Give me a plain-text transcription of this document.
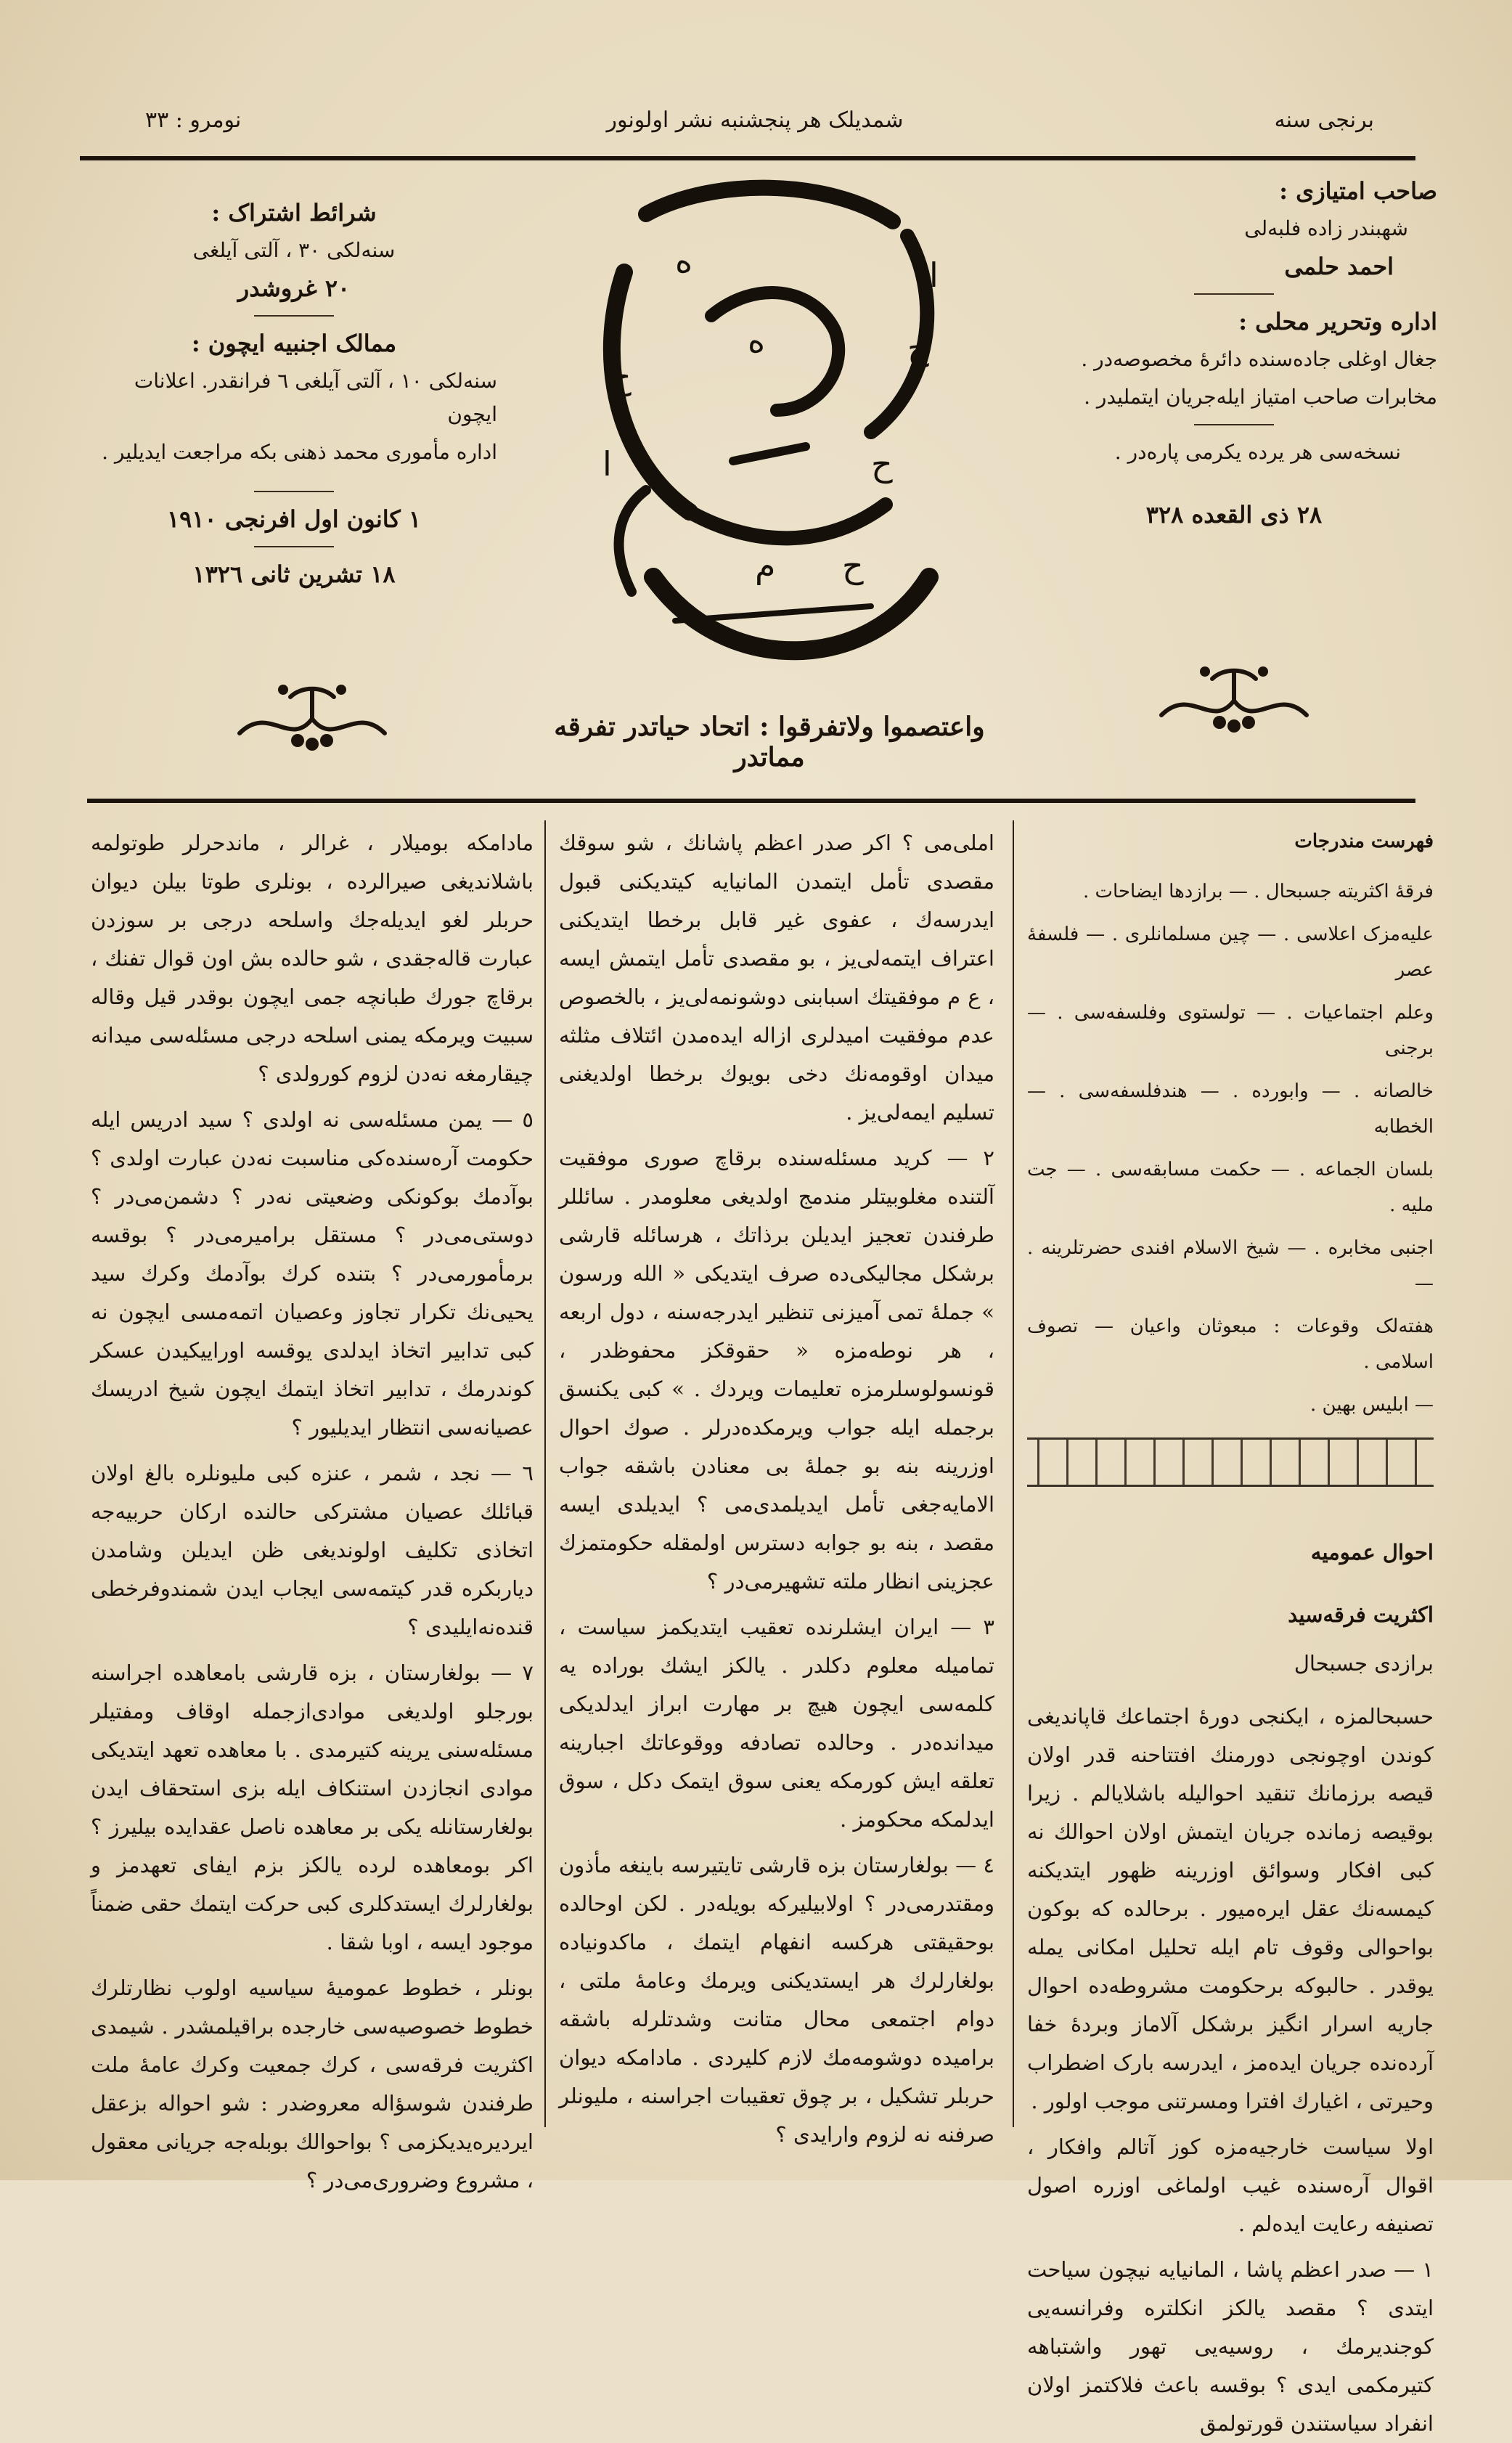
نومرو : ٣٣	شمدیلک هر پنجشنبه نشر اولونور	برنجی سنه

صاحب امتیازی :

شهبندر زاده فلبه‌لی

احمد حلمی

اداره وتحریر محلی :

جغال اوغلی جاده‌سنده دائرهٔ مخصوصه‌در .

مخابرات صاحب امتیاز ایله‌جریان ایتملیدر .

نسخه‌سی هر یرده یکرمی پاره‌در .

٢٨ ذی القعده ٣٢٨

شرائط اشتراک :

سنه‌لکی ٣٠ ، آلتی آیلغی

٢٠ غروشدر

ممالک اجنبیه ایچون :

سنه‌لکی ١٠ ، آلتی آیلغی ٦ فرانقدر. اعلانات ایچون

اداره مأموری محمد ذهنی بکه مراجعت ایدیلیر .

١ کانون اول افرنجی ١٩١٠

١٨ تشرین ثانی ١٣٢٦

ح
ح
ه
ه
ح
م ح
ا
ا
واعتصموا ولاتفرقوا : اتحاد حیاتدر تفرقه مماتدر

فهرست مندرجات

فرقهٔ اکثریته جسبحال . — برازدها ایضاحات .

علیه‌مزک اعلاسی . — چین مسلمانلری . — فلسفهٔ عصر

وعلم اجتماعیات . — تولستوی وفلسفه‌سی . — برجنی

خالصانه . — وابورده . — هندفلسفه‌سی . — الخطابه

بلسان الجماعه . — حکمت مسابقه‌سی . — جت ملیه .

اجنبی مخابره . — شیخ الاسلام افندی حضرتلرینه . —

هفته‌لک وقوعات : مبعوثان واعیان — تصوف اسلامی .

— ابلیس بهین .

احوال عمومیه

اکثریت فرقه‌سید

برازدی جسبحال

حسبحالمزه ، ایکنجی دورهٔ اجتماعك قاپاندیغی کوندن اوچونجی دورمنك افتتاحنه قدر اولان قیصه برزمانك تنقید احوالیله باشلایالم . زیرا بوقیصه زمانده جریان ایتمش اولان احوالك نه کبی افکار وسوائق اوزرینه ظهور ایتدیکنه کیمسه‌نك عقل ایره‌میور . برحالده که بوکون بواحوالی وقوف تام ایله تحلیل امکانی یمله یوقدر . حالبوکه برحکومت مشروطه‌ده احوال جاریه اسرار انگیز برشکل آلاماز وبردهٔ خفا آرده‌نده جریان ایده‌مز ، ایدرسه بارک اضطراب وحیرتی ، اغیارك افترا ومسرتنی موجب اولور .

اولا سیاست خارجیه‌مزه کوز آتالم وافکار ، اقوال آره‌سنده غیب اولماغی اوزره اصول تصنیفه رعایت ایده‌لم .

١ — صدر اعظم پاشا ، المانیایه نیچون سیاحت ایتدی ؟ مقصد یالکز انکلتره وفرانسه‌یی کوجندیرمك ، روسیه‌یی تهور واشتباهه کتیرمکمی ایدی ؟ بوقسه باعث فلاکتمز اولان انفراد سیاستندن قورتولمق

املی‌می ؟ اکر صدر اعظم پاشانك ، شو سوقك مقصدی تأمل ایتمدن المانیایه کیتدیکنی قبول ایدرسه‌ك ، عفوی غیر قابل برخطا ایتدیکنی اعتراف ایتمه‌لی‌یز ، بو مقصدی تأمل ایتمش ایسه ، ع م موفقیتك اسبابنی دوشونمه‌لی‌یز ، بالخصوص عدم موفقیت امیدلری ازاله ایده‌مدن ائتلاف مثلثه میدان اوقومه‌نك دخی بویوك برخطا اولدیغنی تسلیم ایمه‌لی‌یز .

٢ — کرید مسئله‌سنده برقاچ صوری موفقیت آلتنده مغلوبیتلر مندمج اولدیغی معلومدر . سائللر طرفندن تعجیز ایدیلن برذاتك ، هرسائله قارشی برشکل مجالیکی‌ده صرف ایتدیکی « الله ورسون » جملهٔ تمی آمیزنی تنظیر ایدرجه‌سنه ، دول اربعه ، هر نوطه‌مزه « حقوقکز محفوظدر ، قونسولوسلرمزه تعلیمات ویردك . » کبی یکنسق برجمله ایله جواب ویرمکده‌درلر . صوك احوال اوزرینه بنه بو جملهٔ بی معنادن باشقه جواب الامایه‌جغی تأمل ایدیلمدی‌می ؟ ایدیلدی ایسه مقصد ، بنه بو جوابه دسترس اولمقله حکومتمزك عجزینی انظار ملته تشهیرمی‌در ؟

٣ — ایران ایشلرنده تعقیب ایتدیکمز سیاست ، تمامیله معلوم دکلدر . یالکز ایشك بوراده یه کلمه‌سی ایچون هیچ بر مهارت ابراز ایدلدیکی میدانده‌در . وحالده تصادفه ووقوعاتك اجبارینه تعلقه ایش کورمکه یعنی سوق ایتمک دکل ، سوق ایدلمکه محکومز .

٤ — بولغارستان بزه قارشی تایتیرسه باینغه مأذون ومقتدرمی‌در ؟ اولابیلیرکه بویله‌در . لکن اوحالده بوحقیقتی هرکسه انفهام ایتمك ، ماکدونیاده بولغارلرك هر ایستدیکنی ویرمك وعامهٔ ملتی ، دوام اجتمعی محال متانت وشدتلرله باشقه برامیده دوشومه‌مك لازم کلیردی . مادامکه دیوان حربلر تشکیل ، بر چوق تعقیبات اجراسنه ، ملیونلر صرفنه نه لزوم وارایدی ؟

مادامکه بومیلار ، غرالر ، ماندحرلر طوتولمه باشلاندیغی صیرالرده ، بونلری طوتا بیلن دیوان حربلر لغو ایدیله‌جك واسلحه درجی بر سوزدن عبارت قاله‌جقدی ، شو حالده بش اون قوال تفنك ، برقاچ جورك طبانچه جمی ایچون بوقدر قیل وقاله سبیت ویرمکه یمنی اسلحه درجی مسئله‌سی میدانه چیقارمغه نه‌دن لزوم کورولدی ؟

٥ — یمن مسئله‌سی نه اولدی ؟ سید ادریس ایله حکومت آره‌سنده‌کی مناسبت نه‌دن عبارت اولدی ؟ بوآدمك بوکونکی وضعیتی نه‌در ؟ دشمن‌می‌در ؟ دوستی‌می‌در ؟ مستقل برامیرمی‌در ؟ بوقسه برمأمورمی‌در ؟ بتنده کرك بوآدمك وکرك سید یحیی‌نك تکرار تجاوز وعصیان اتمه‌مسی ایچون نه کبی تدابیر اتخاذ ایدلدی یوقسه اوراییکیدن عسکر کوندرمك ، تدابیر اتخاذ ایتمك ایچون شیخ ادریسك عصیانه‌سی انتظار ایدیلیور ؟

٦ — نجد ، شمر ، عنزه کبی ملیونلره بالغ اولان قبائلك عصیان مشترکی حالنده ارکان حربیه‌جه اتخاذی تکلیف اولوندیغی ظن ایدیلن وشامدن دیاربکره قدر کیتمه‌سی ایجاب ایدن شمندوفرخطی قنده‌نه‌ایلیدی ؟

٧ — بولغارستان ، بزه قارشی بامعاهده اجراسنه بورجلو اولدیغی موادی‌ازجمله اوقاف ومفتیلر مسئله‌سنی یرینه کتیرمدی . با معاهده تعهد ایتدیکی موادی انجازدن استنکاف ایله بزی استحقاف ایدن بولغارستانله یکی بر معاهده ناصل عقدایده بیلیرز ؟ اکر بومعاهده لرده یالکز بزم ایفای تعهدمز و بولغارلرك ایستدکلری کبی حرکت ایتمك حقی ضمناً موجود ایسه ، اوبا شقا .

بونلر ، خطوط عمومیهٔ سیاسیه اولوب نظارتلرك خطوط خصوصیه‌سی خارجده براقیلمشدر . شیمدی اکثریت فرقه‌سی ، کرك جمعیت وکرك عامهٔ ملت طرفندن شوسؤاله معروضدر : شو احواله بزعقل ایردیره‌یدیکزمی ؟ بواحوالك بوبله‌جه جریانی معقول ، مشروع وضروری‌می‌در ؟
